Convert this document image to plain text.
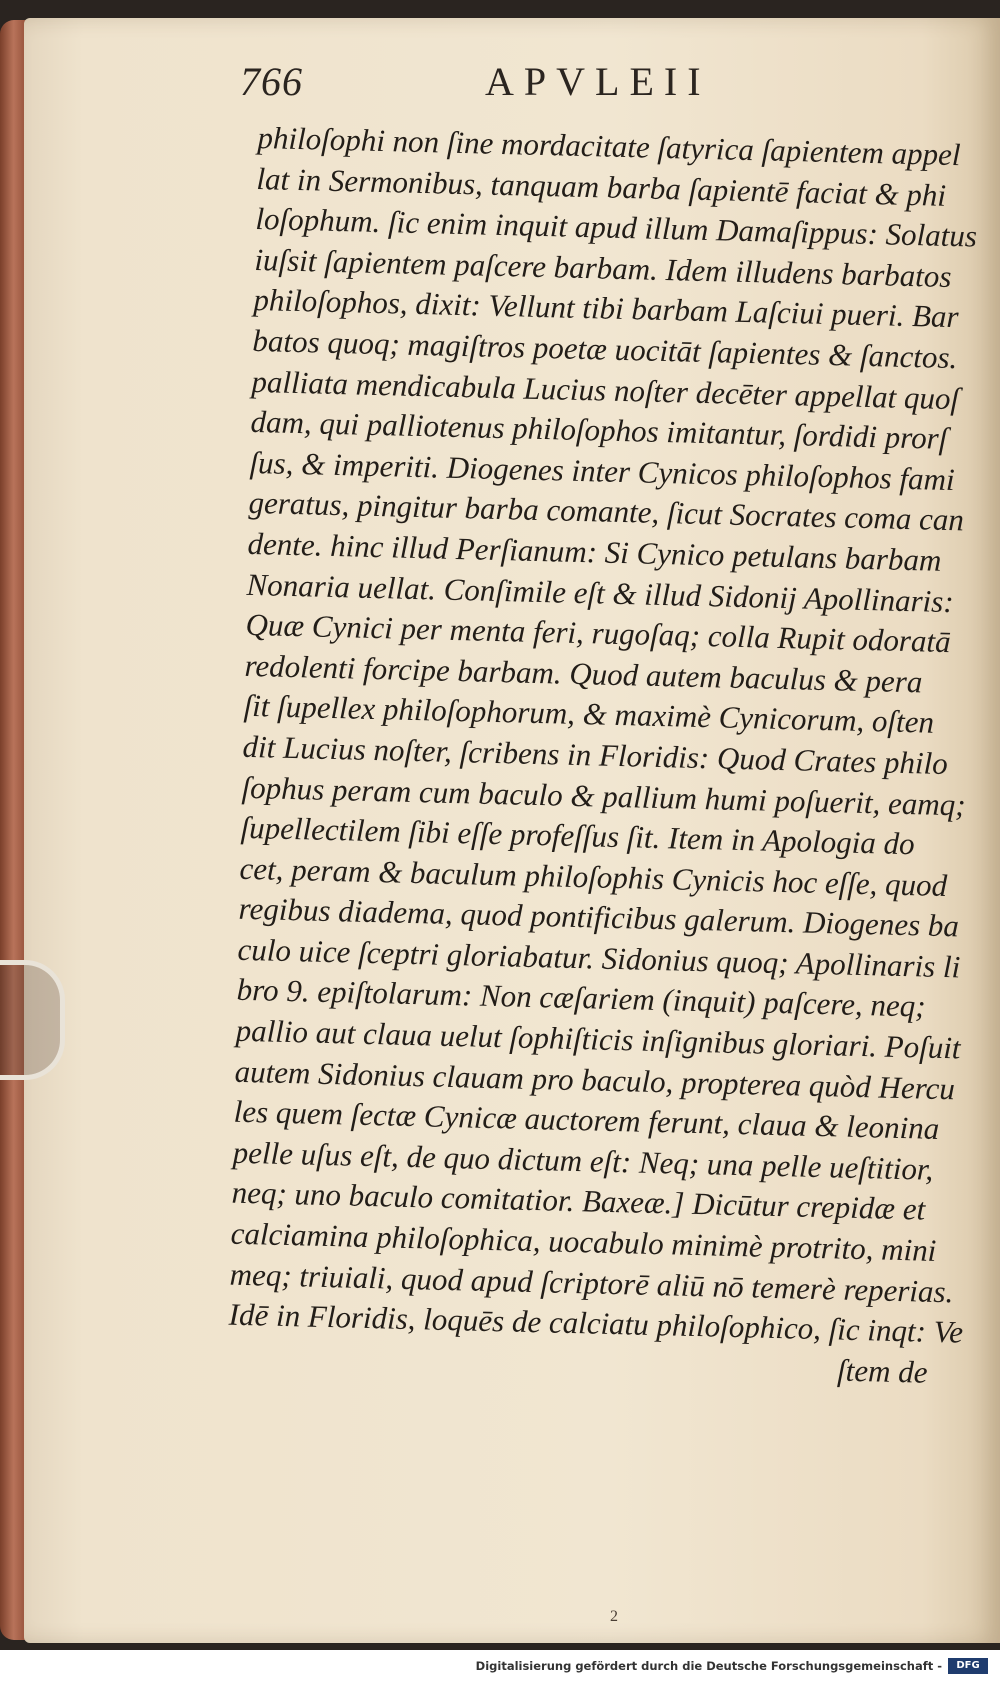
766	APVLEII
philoſophi non ſine mordacitate ſatyrica ſapientem appel
lat in Sermonibus, tanquam barba ſapientē faciat & phi
loſophum. ſic enim inquit apud illum Damaſippus: Solatus
iuſsit ſapientem paſcere barbam. Idem illudens barbatos
philoſophos, dixit: Vellunt tibi barbam Laſciui pueri. Bar
batos quoq; magiſtros poetæ uocitāt ſapientes & ſanctos.
palliata mendicabula Lucius noſter decēter appellat quoſ
dam, qui palliotenus philoſophos imitantur, ſordidi prorſ
ſus, & imperiti. Diogenes inter Cynicos philoſophos fami
geratus, pingitur barba comante, ſicut Socrates coma can
dente. hinc illud Perſianum: Si Cynico petulans barbam
Nonaria uellat. Conſimile eſt & illud Sidonij Apollinaris:
Quæ Cynici per menta feri, rugoſaq; colla Rupit odoratā
redolenti forcipe barbam. Quod autem baculus & pera
ſit ſupellex philoſophorum, & maximè Cynicorum, oſten
dit Lucius noſter, ſcribens in Floridis: Quod Crates philo
ſophus peram cum baculo & pallium humi poſuerit, eamq;
ſupellectilem ſibi eſſe profeſſus ſit. Item in Apologia do
cet, peram & baculum philoſophis Cynicis hoc eſſe, quod
regibus diadema, quod pontificibus galerum. Diogenes ba
culo uice ſceptri gloriabatur. Sidonius quoq; Apollinaris li
bro 9. epiſtolarum: Non cæſariem (inquit) paſcere, neq;
pallio aut claua uelut ſophiſticis inſignibus gloriari. Poſuit
autem Sidonius clauam pro baculo, propterea quòd Hercu
les quem ſectæ Cynicæ auctorem ferunt, claua & leonina
pelle uſus eſt, de quo dictum eſt: Neq; una pelle ueſtitior,
neq; uno baculo comitatior. Baxeæ.] Dicūtur crepidæ et
calciamina philoſophica, uocabulo minimè protrito, mini
meq; triuiali, quod apud ſcriptorē aliū nō temerè reperias.
Idē in Floridis, loquēs de calciatu philoſophico, ſic inqt: Ve
ſtem de
2
Digitalisierung gefördert durch die Deutsche Forschungsgemeinschaft -	DFG
